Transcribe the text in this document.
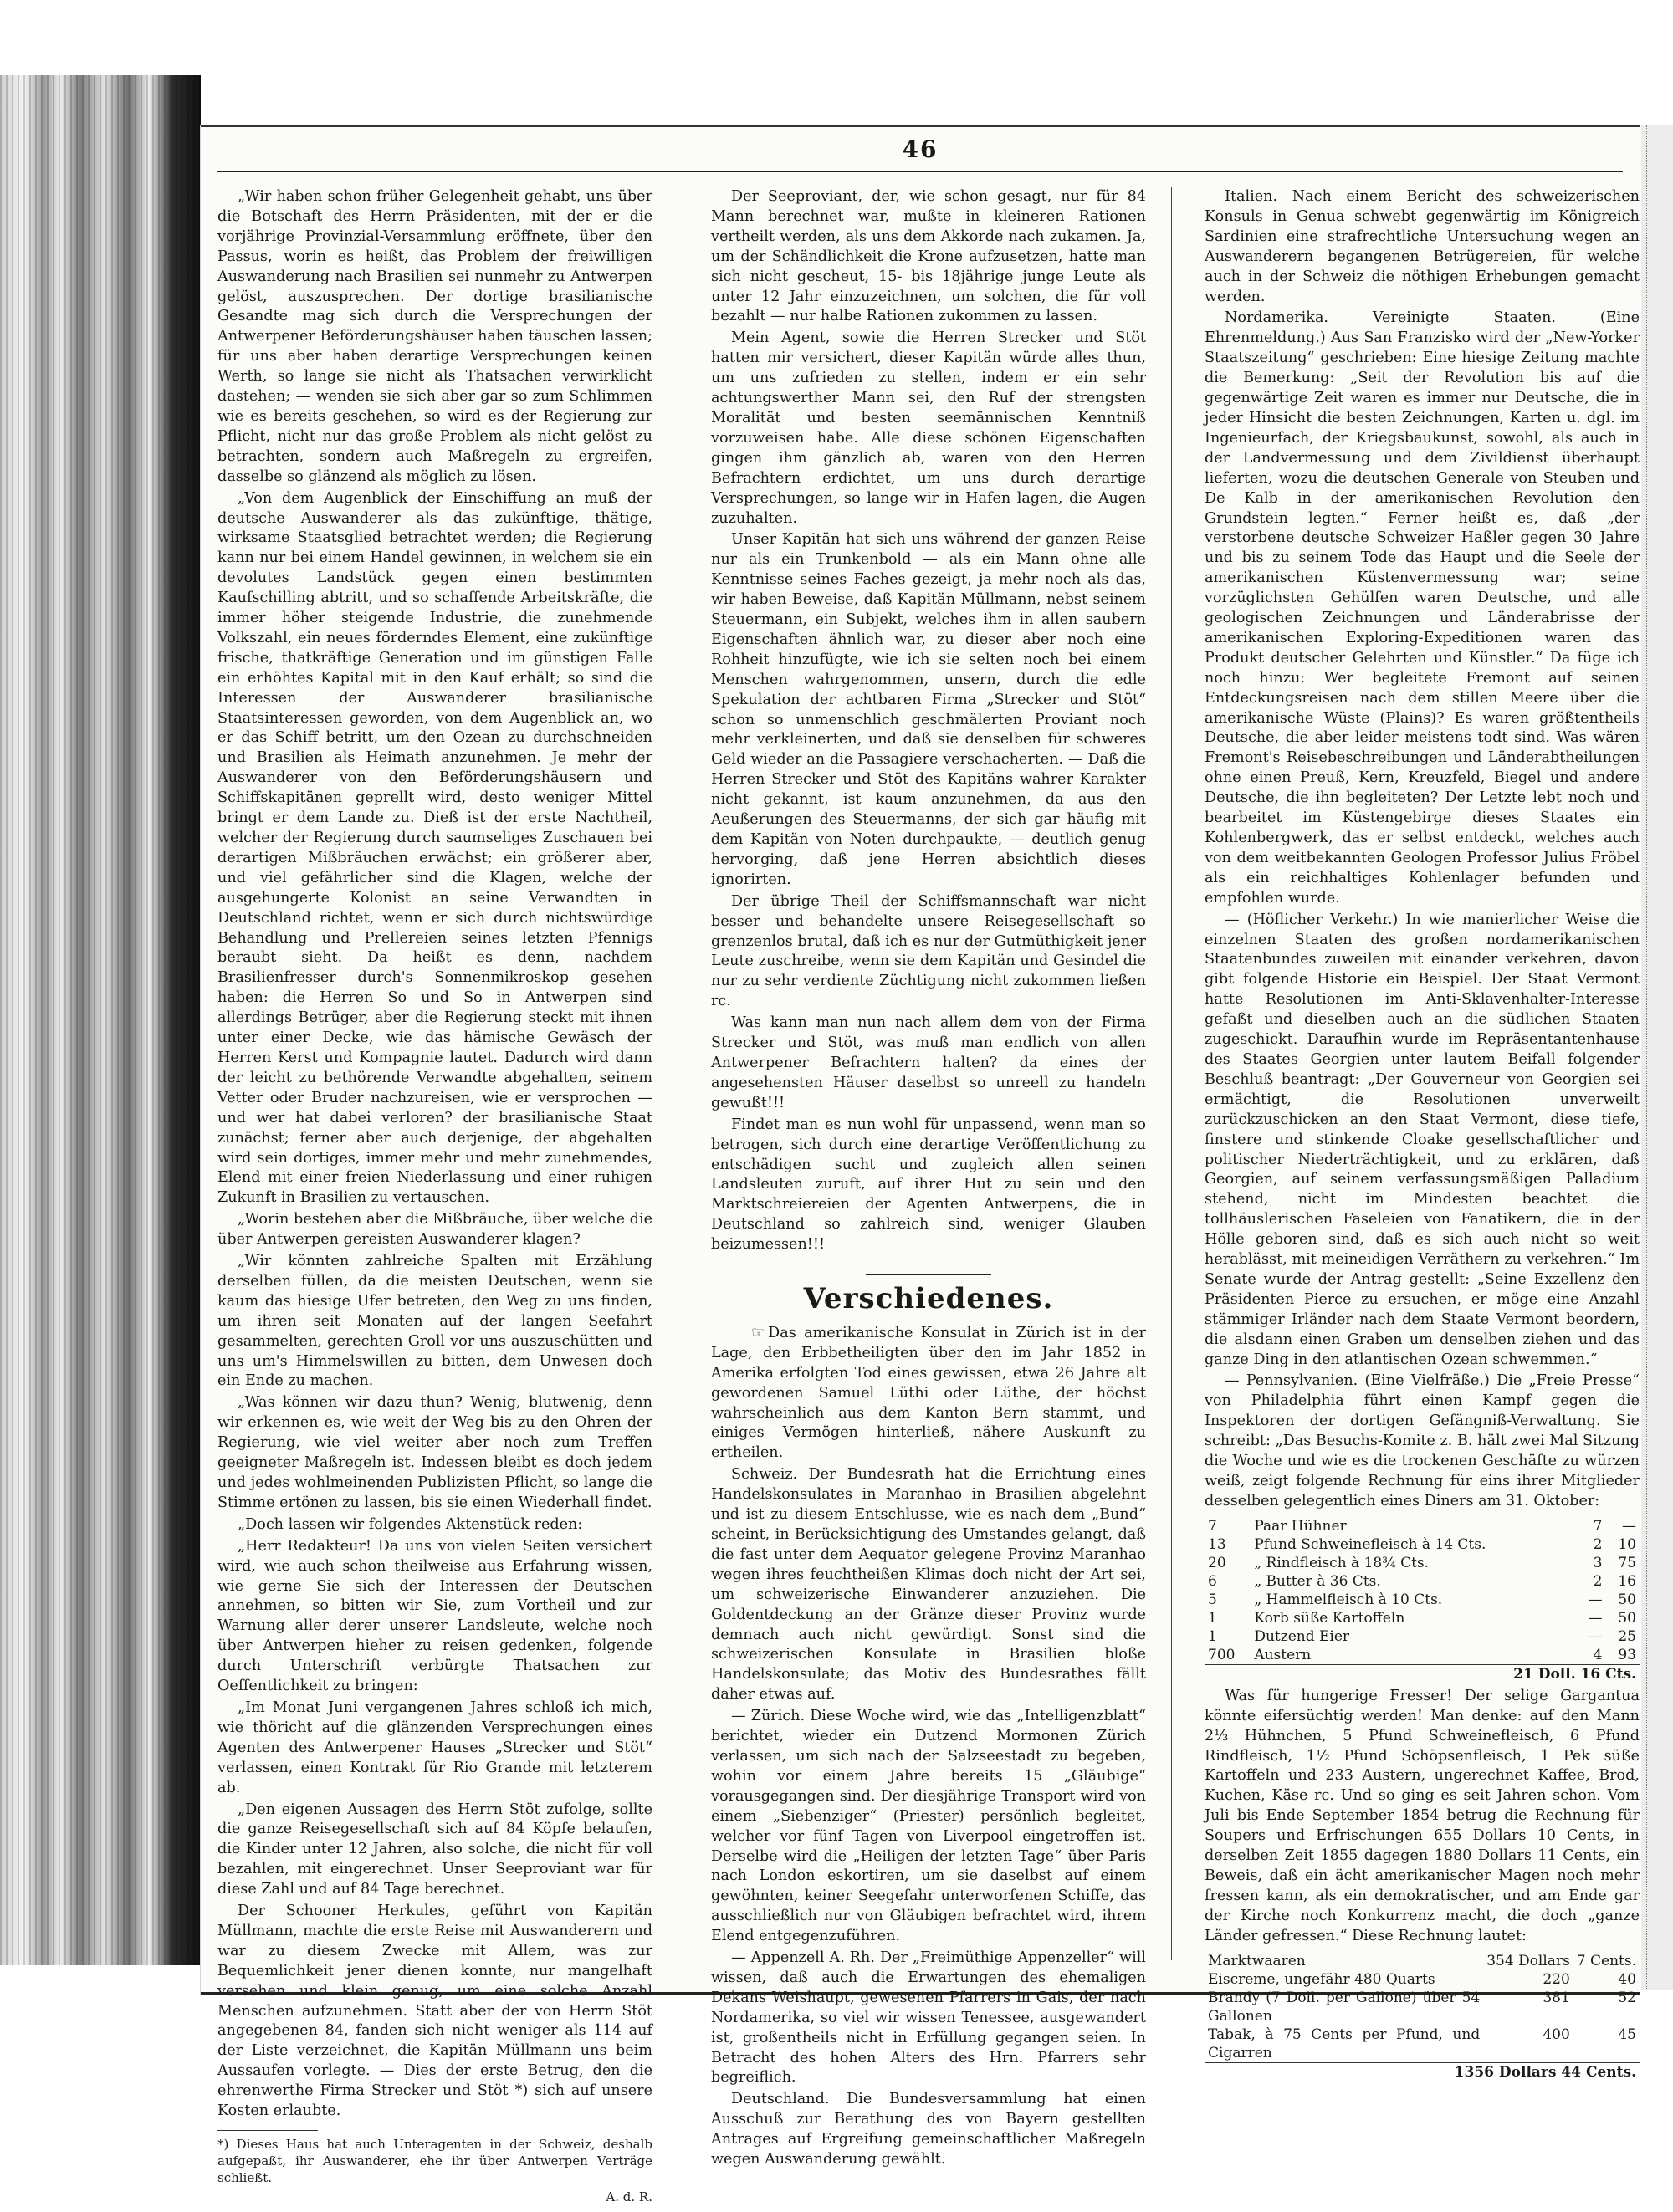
46

„Wir haben schon früher Gelegenheit gehabt, uns über die Botschaft des Herrn Präsidenten, mit der er die vorjährige Provinzial-Versammlung eröffnete, über den Passus, worin es heißt, das Problem der freiwilligen Auswanderung nach Brasilien sei nunmehr zu Antwerpen gelöst, auszusprechen. Der dortige brasilianische Gesandte mag sich durch die Versprechungen der Antwerpener Beförderungshäuser haben täuschen lassen; für uns aber haben derartige Versprechungen keinen Werth, so lange sie nicht als Thatsachen verwirklicht dastehen; — wenden sie sich aber gar so zum Schlimmen wie es bereits geschehen, so wird es der Regierung zur Pflicht, nicht nur das große Problem als nicht gelöst zu betrachten, sondern auch Maßregeln zu ergreifen, dasselbe so glänzend als möglich zu lösen.

„Von dem Augenblick der Einschiffung an muß der deutsche Auswanderer als das zukünftige, thätige, wirksame Staatsglied betrachtet werden; die Regierung kann nur bei einem Handel gewinnen, in welchem sie ein devolutes Landstück gegen einen bestimmten Kaufschilling abtritt, und so schaffende Arbeitskräfte, die immer höher steigende Industrie, die zunehmende Volkszahl, ein neues förderndes Element, eine zukünftige frische, thatkräftige Generation und im günstigen Falle ein erhöhtes Kapital mit in den Kauf erhält; so sind die Interessen der Auswanderer brasilianische Staatsinteressen geworden, von dem Augenblick an, wo er das Schiff betritt, um den Ozean zu durchschneiden und Brasilien als Heimath anzunehmen. Je mehr der Auswanderer von den Beförderungshäusern und Schiffskapitänen geprellt wird, desto weniger Mittel bringt er dem Lande zu. Dieß ist der erste Nachtheil, welcher der Regierung durch saumseliges Zuschauen bei derartigen Mißbräuchen erwächst; ein größerer aber, und viel gefährlicher sind die Klagen, welche der ausgehungerte Kolonist an seine Verwandten in Deutschland richtet, wenn er sich durch nichtswürdige Behandlung und Prellereien seines letzten Pfennigs beraubt sieht. Da heißt es denn, nachdem Brasilienfresser durch's Sonnenmikroskop gesehen haben: die Herren So und So in Antwerpen sind allerdings Betrüger, aber die Regierung steckt mit ihnen unter einer Decke, wie das hämische Gewäsch der Herren Kerst und Kompagnie lautet. Dadurch wird dann der leicht zu bethörende Verwandte abgehalten, seinem Vetter oder Bruder nachzureisen, wie er versprochen — und wer hat dabei verloren? der brasilianische Staat zunächst; ferner aber auch derjenige, der abgehalten wird sein dortiges, immer mehr und mehr zunehmendes, Elend mit einer freien Niederlassung und einer ruhigen Zukunft in Brasilien zu vertauschen.

„Worin bestehen aber die Mißbräuche, über welche die über Antwerpen gereisten Auswanderer klagen?

„Wir könnten zahlreiche Spalten mit Erzählung derselben füllen, da die meisten Deutschen, wenn sie kaum das hiesige Ufer betreten, den Weg zu uns finden, um ihren seit Monaten auf der langen Seefahrt gesammelten, gerechten Groll vor uns auszuschütten und uns um's Himmelswillen zu bitten, dem Unwesen doch ein Ende zu machen.

„Was können wir dazu thun? Wenig, blutwenig, denn wir erkennen es, wie weit der Weg bis zu den Ohren der Regierung, wie viel weiter aber noch zum Treffen geeigneter Maßregeln ist. Indessen bleibt es doch jedem und jedes wohlmeinenden Publizisten Pflicht, so lange die Stimme ertönen zu lassen, bis sie einen Wiederhall findet.

„Doch lassen wir folgendes Aktenstück reden:

„Herr Redakteur! Da uns von vielen Seiten versichert wird, wie auch schon theilweise aus Erfahrung wissen, wie gerne Sie sich der Interessen der Deutschen annehmen, so bitten wir Sie, zum Vortheil und zur Warnung aller derer unserer Landsleute, welche noch über Antwerpen hieher zu reisen gedenken, folgende durch Unterschrift verbürgte Thatsachen zur Oeffentlichkeit zu bringen:

„Im Monat Juni vergangenen Jahres schloß ich mich, wie thöricht auf die glänzenden Versprechungen eines Agenten des Antwerpener Hauses „Strecker und Stöt“ verlassen, einen Kontrakt für Rio Grande mit letzterem ab.

„Den eigenen Aussagen des Herrn Stöt zufolge, sollte die ganze Reisegesellschaft sich auf 84 Köpfe belaufen, die Kinder unter 12 Jahren, also solche, die nicht für voll bezahlen, mit eingerechnet. Unser Seeproviant war für diese Zahl und auf 84 Tage berechnet.

Der Schooner Herkules, geführt von Kapitän Müllmann, machte die erste Reise mit Auswanderern und war zu diesem Zwecke mit Allem, was zur Bequemlichkeit jener dienen konnte, nur mangelhaft versehen und klein genug, um eine solche Anzahl Menschen aufzunehmen. Statt aber der von Herrn Stöt angegebenen 84, fanden sich nicht weniger als 114 auf der Liste verzeichnet, die Kapitän Müllmann uns beim Aussaufen vorlegte. — Dies der erste Betrug, den die ehrenwerthe Firma Strecker und Stöt *) sich auf unsere Kosten erlaubte.

*) Dieses Haus hat auch Unteragenten in der Schweiz, deshalb aufgepaßt, ihr Auswanderer, ehe ihr über Antwerpen Verträge schließt.

A. d. R.

Der Seeproviant, der, wie schon gesagt, nur für 84 Mann berechnet war, mußte in kleineren Rationen vertheilt werden, als uns dem Akkorde nach zukamen. Ja, um der Schändlichkeit die Krone aufzusetzen, hatte man sich nicht gescheut, 15- bis 18jährige junge Leute als unter 12 Jahr einzuzeichnen, um solchen, die für voll bezahlt — nur halbe Rationen zukommen zu lassen.

Mein Agent, sowie die Herren Strecker und Stöt hatten mir versichert, dieser Kapitän würde alles thun, um uns zufrieden zu stellen, indem er ein sehr achtungswerther Mann sei, den Ruf der strengsten Moralität und besten seemännischen Kenntniß vorzuweisen habe. Alle diese schönen Eigenschaften gingen ihm gänzlich ab, waren von den Herren Befrachtern erdichtet, um uns durch derartige Versprechungen, so lange wir in Hafen lagen, die Augen zuzuhalten.

Unser Kapitän hat sich uns während der ganzen Reise nur als ein Trunkenbold — als ein Mann ohne alle Kenntnisse seines Faches gezeigt, ja mehr noch als das, wir haben Beweise, daß Kapitän Müllmann, nebst seinem Steuermann, ein Subjekt, welches ihm in allen saubern Eigenschaften ähnlich war, zu dieser aber noch eine Rohheit hinzufügte, wie ich sie selten noch bei einem Menschen wahrgenommen, unsern, durch die edle Spekulation der achtbaren Firma „Strecker und Stöt“ schon so unmenschlich geschmälerten Proviant noch mehr verkleinerten, und daß sie denselben für schweres Geld wieder an die Passagiere verschacherten. — Daß die Herren Strecker und Stöt des Kapitäns wahrer Karakter nicht gekannt, ist kaum anzunehmen, da aus den Aeußerungen des Steuermanns, der sich gar häufig mit dem Kapitän von Noten durchpaukte, — deutlich genug hervorging, daß jene Herren absichtlich dieses ignorirten.

Der übrige Theil der Schiffsmannschaft war nicht besser und behandelte unsere Reisegesellschaft so grenzenlos brutal, daß ich es nur der Gutmüthigkeit jener Leute zuschreibe, wenn sie dem Kapitän und Gesindel die nur zu sehr verdiente Züchtigung nicht zukommen ließen rc.

Was kann man nun nach allem dem von der Firma Strecker und Stöt, was muß man endlich von allen Antwerpener Befrachtern halten? da eines der angesehensten Häuser daselbst so unreell zu handeln gewußt!!!

Findet man es nun wohl für unpassend, wenn man so betrogen, sich durch eine derartige Veröffentlichung zu entschädigen sucht und zugleich allen seinen Landsleuten zuruft, auf ihrer Hut zu sein und den Marktschreiereien der Agenten Antwerpens, die in Deutschland so zahlreich sind, weniger Glauben beizumessen!!!

Verschiedenes.

☞ Das amerikanische Konsulat in Zürich ist in der Lage, den Erbbetheiligten über den im Jahr 1852 in Amerika erfolgten Tod eines gewissen, etwa 26 Jahre alt gewordenen Samuel Lüthi oder Lüthe, der höchst wahrscheinlich aus dem Kanton Bern stammt, und einiges Vermögen hinterließ, nähere Auskunft zu ertheilen.

Schweiz. Der Bundesrath hat die Errichtung eines Handelskonsulates in Maranhao in Brasilien abgelehnt und ist zu diesem Entschlusse, wie es nach dem „Bund“ scheint, in Berücksichtigung des Umstandes gelangt, daß die fast unter dem Aequator gelegene Provinz Maranhao wegen ihres feuchtheißen Klimas doch nicht der Art sei, um schweizerische Einwanderer anzuziehen. Die Goldentdeckung an der Gränze dieser Provinz wurde demnach auch nicht gewürdigt. Sonst sind die schweizerischen Konsulate in Brasilien bloße Handelskonsulate; das Motiv des Bundesrathes fällt daher etwas auf.

— Zürich. Diese Woche wird, wie das „Intelligenzblatt“ berichtet, wieder ein Dutzend Mormonen Zürich verlassen, um sich nach der Salzseestadt zu begeben, wohin vor einem Jahre bereits 15 „Gläubige“ vorausgegangen sind. Der diesjährige Transport wird von einem „Siebenziger“ (Priester) persönlich begleitet, welcher vor fünf Tagen von Liverpool eingetroffen ist. Derselbe wird die „Heiligen der letzten Tage“ über Paris nach London eskortiren, um sie daselbst auf einem gewöhnten, keiner Seegefahr unterworfenen Schiffe, das ausschließlich nur von Gläubigen befrachtet wird, ihrem Elend entgegenzuführen.

— Appenzell A. Rh. Der „Freimüthige Appenzeller“ will wissen, daß auch die Erwartungen des ehemaligen Dekans Weishaupt, gewesenen Pfarrers in Gais, der nach Nordamerika, so viel wir wissen Tenessee, ausgewandert ist, großentheils nicht in Erfüllung gegangen seien. In Betracht des hohen Alters des Hrn. Pfarrers sehr begreiflich.

Deutschland. Die Bundesversammlung hat einen Ausschuß zur Berathung des von Bayern gestellten Antrages auf Ergreifung gemeinschaftlicher Maßregeln wegen Auswanderung gewählt.

Italien. Nach einem Bericht des schweizerischen Konsuls in Genua schwebt gegenwärtig im Königreich Sardinien eine strafrechtliche Untersuchung wegen an Auswanderern begangenen Betrügereien, für welche auch in der Schweiz die nöthigen Erhebungen gemacht werden.

Nordamerika. Vereinigte Staaten. (Eine Ehrenmeldung.) Aus San Franzisko wird der „New-Yorker Staatszeitung“ geschrieben: Eine hiesige Zeitung machte die Bemerkung: „Seit der Revolution bis auf die gegenwärtige Zeit waren es immer nur Deutsche, die in jeder Hinsicht die besten Zeichnungen, Karten u. dgl. im Ingenieurfach, der Kriegsbaukunst, sowohl, als auch in der Landvermessung und dem Zivildienst überhaupt lieferten, wozu die deutschen Generale von Steuben und De Kalb in der amerikanischen Revolution den Grundstein legten.“ Ferner heißt es, daß „der verstorbene deutsche Schweizer Haßler gegen 30 Jahre und bis zu seinem Tode das Haupt und die Seele der amerikanischen Küstenvermessung war; seine vorzüglichsten Gehülfen waren Deutsche, und alle geologischen Zeichnungen und Länderabrisse der amerikanischen Exploring-Expeditionen waren das Produkt deutscher Gelehrten und Künstler.“ Da füge ich noch hinzu: Wer begleitete Fremont auf seinen Entdeckungsreisen nach dem stillen Meere über die amerikanische Wüste (Plains)? Es waren größtentheils Deutsche, die aber leider meistens todt sind. Was wären Fremont's Reisebeschreibungen und Länderabtheilungen ohne einen Preuß, Kern, Kreuzfeld, Biegel und andere Deutsche, die ihn begleiteten? Der Letzte lebt noch und bearbeitet im Küstengebirge dieses Staates ein Kohlenbergwerk, das er selbst entdeckt, welches auch von dem weitbekannten Geologen Professor Julius Fröbel als ein reichhaltiges Kohlenlager befunden und empfohlen wurde.

— (Höflicher Verkehr.) In wie manierlicher Weise die einzelnen Staaten des großen nordamerikanischen Staatenbundes zuweilen mit einander verkehren, davon gibt folgende Historie ein Beispiel. Der Staat Vermont hatte Resolutionen im Anti-Sklavenhalter-Interesse gefaßt und dieselben auch an die südlichen Staaten zugeschickt. Daraufhin wurde im Repräsentantenhause des Staates Georgien unter lautem Beifall folgender Beschluß beantragt: „Der Gouverneur von Georgien sei ermächtigt, die Resolutionen unverweilt zurückzuschicken an den Staat Vermont, diese tiefe, finstere und stinkende Cloake gesellschaftlicher und politischer Niederträchtigkeit, und zu erklären, daß Georgien, auf seinem verfassungsmäßigen Palladium stehend, nicht im Mindesten beachtet die tollhäuslerischen Faseleien von Fanatikern, die in der Hölle geboren sind, daß es sich auch nicht so weit herablässt, mit meineidigen Verräthern zu verkehren.“ Im Senate wurde der Antrag gestellt: „Seine Exzellenz den Präsidenten Pierce zu ersuchen, er möge eine Anzahl stämmiger Irländer nach dem Staate Vermont beordern, die alsdann einen Graben um denselben ziehen und das ganze Ding in den atlantischen Ozean schwemmen.“

— Pennsylvanien. (Eine Vielfräße.) Die „Freie Presse“ von Philadelphia führt einen Kampf gegen die Inspektoren der dortigen Gefängniß-Verwaltung. Sie schreibt: „Das Besuchs-Komite z. B. hält zwei Mal Sitzung die Woche und wie es die trockenen Geschäfte zu würzen weiß, zeigt folgende Rechnung für eins ihrer Mitglieder desselben gelegentlich eines Diners am 31. Oktober:

7	Paar Hühner	7	—
13	Pfund Schweinefleisch à 14 Cts.	2	10
20	„ Rindfleisch à 18¾ Cts.	3	75
6	„ Butter à 36 Cts.	2	16
5	„ Hammelfleisch à 10 Cts.	—	50
1	Korb süße Kartoffeln	—	50
1	Dutzend Eier	—	25
700	Austern	4	93
21 Doll. 16 Cts.			

Was für hungerige Fresser! Der selige Gargantua könnte eifersüchtig werden! Man denke: auf den Mann 2⅓ Hühnchen, 5 Pfund Schweinefleisch, 6 Pfund Rindfleisch, 1½ Pfund Schöpsenfleisch, 1 Pek süße Kartoffeln und 233 Austern, ungerechnet Kaffee, Brod, Kuchen, Käse rc. Und so ging es seit Jahren schon. Vom Juli bis Ende September 1854 betrug die Rechnung für Soupers und Erfrischungen 655 Dollars 10 Cents, in derselben Zeit 1855 dagegen 1880 Dollars 11 Cents, ein Beweis, daß ein ächt amerikanischer Magen noch mehr fressen kann, als ein demokratischer, und am Ende gar der Kirche noch Konkurrenz macht, die doch „ganze Länder gefressen.“ Diese Rechnung lautet:

Marktwaaren	354 Dollars	7 Cents.
Eiscreme, ungefähr 480 Quarts	220	40
Brandy (7 Doll. per Gallone) über 54 Gallonen	381	52
Tabak, à 75 Cents per Pfund, und Cigarren	400	45
1356 Dollars 44 Cents.		
